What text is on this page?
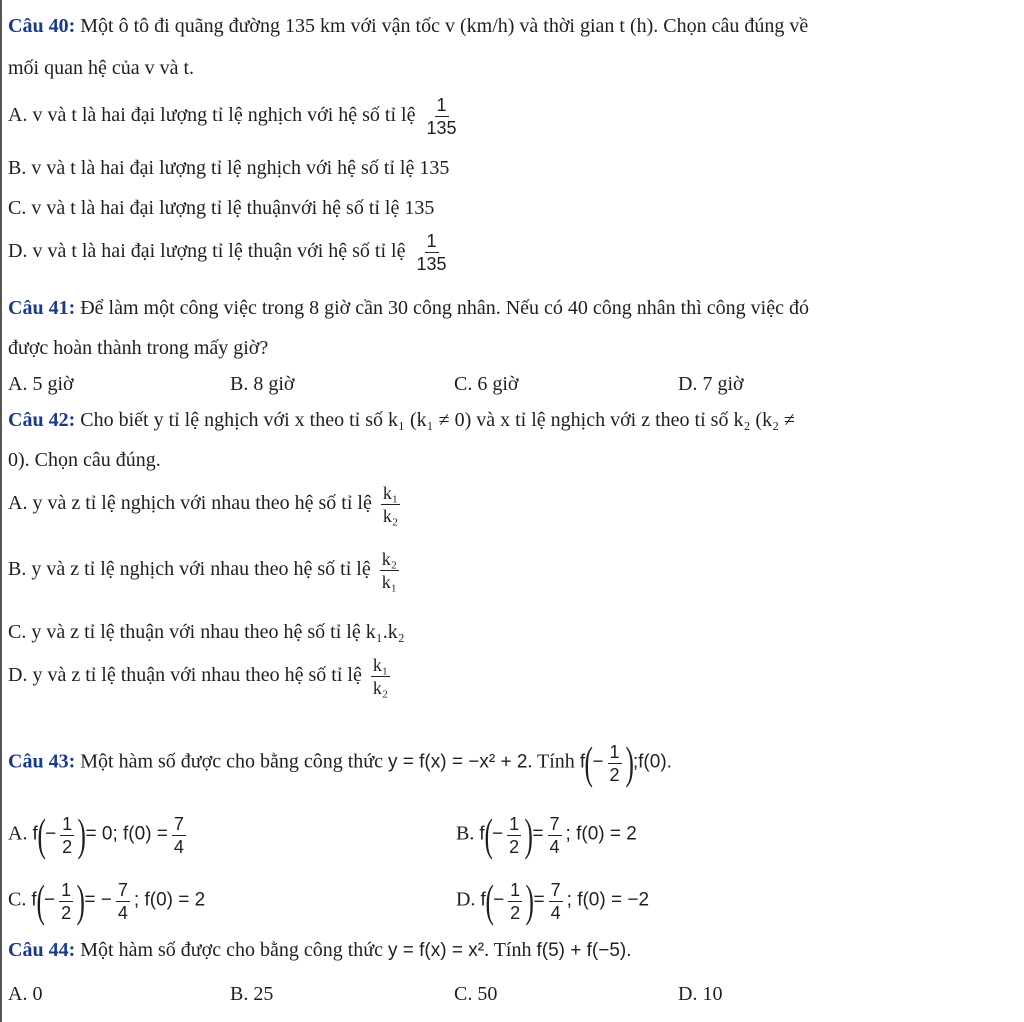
Câu 40: Một ô tô đi quãng đường 135 km với vận tốc v (km/h) và thời gian t (h). Chọn câu đúng về
mối quan hệ của v và t.
A. v và t là hai đại lượng tỉ lệ nghịch với hệ số tỉ lệ $\frac{1}{135}$
B. v và t là hai đại lượng tỉ lệ nghịch với hệ số tỉ lệ 135
C. v và t là hai đại lượng tỉ lệ thuậnvới hệ số tỉ lệ 135
D. v và t là hai đại lượng tỉ lệ thuận với hệ số tỉ lệ $\frac{1}{135}$
Câu 41: Để làm một công việc trong 8 giờ cần 30 công nhân. Nếu có 40 công nhân thì công việc đó
được hoàn thành trong mấy giờ?
A. 5 giờ	B. 8 giờ	C. 6 giờ	D. 7 giờ
Câu 42: Cho biết y tỉ lệ nghịch với x theo tỉ số k₁ (k₁ ≠ 0) và x tỉ lệ nghịch với z theo tỉ số k₂ (k₂ ≠
0). Chọn câu đúng.
A. y và z tỉ lệ nghịch với nhau theo hệ số tỉ lệ $\frac{\text{k₁}}{\text{k₂}}$
B. y và z tỉ lệ nghịch với nhau theo hệ số tỉ lệ $\frac{\text{k₂}}{\text{k₁}}$
C. y và z tỉ lệ thuận với nhau theo hệ số tỉ lệ k₁.k₂
D. y và z tỉ lệ thuận với nhau theo hệ số tỉ lệ $\frac{\text{k₁}}{\text{k₂}}$
Câu 43: Một hàm số được cho bằng công thức y = f(x) = −x² + 2. Tính $f(- \frac{1}{2}$ );f(0).
A. $f(- \frac{1}{2}$ )= 0; $f(0) = \frac{7}{4}$	B. $f(- \frac{1}{2}$ )= $\frac{7}{4}$ ; f(0) = 2
C. $f(- \frac{1}{2}$ )= − $\frac{7}{4}$ ; f(0) = 2	D. $f(- \frac{1}{2}$ )= $\frac{7}{4}$ ; f(0) = −2
Câu 44: Một hàm số được cho bằng công thức y = f(x) = x². Tính f(5) + f(−5).
A. 0	B. 25	C. 50	D. 10
